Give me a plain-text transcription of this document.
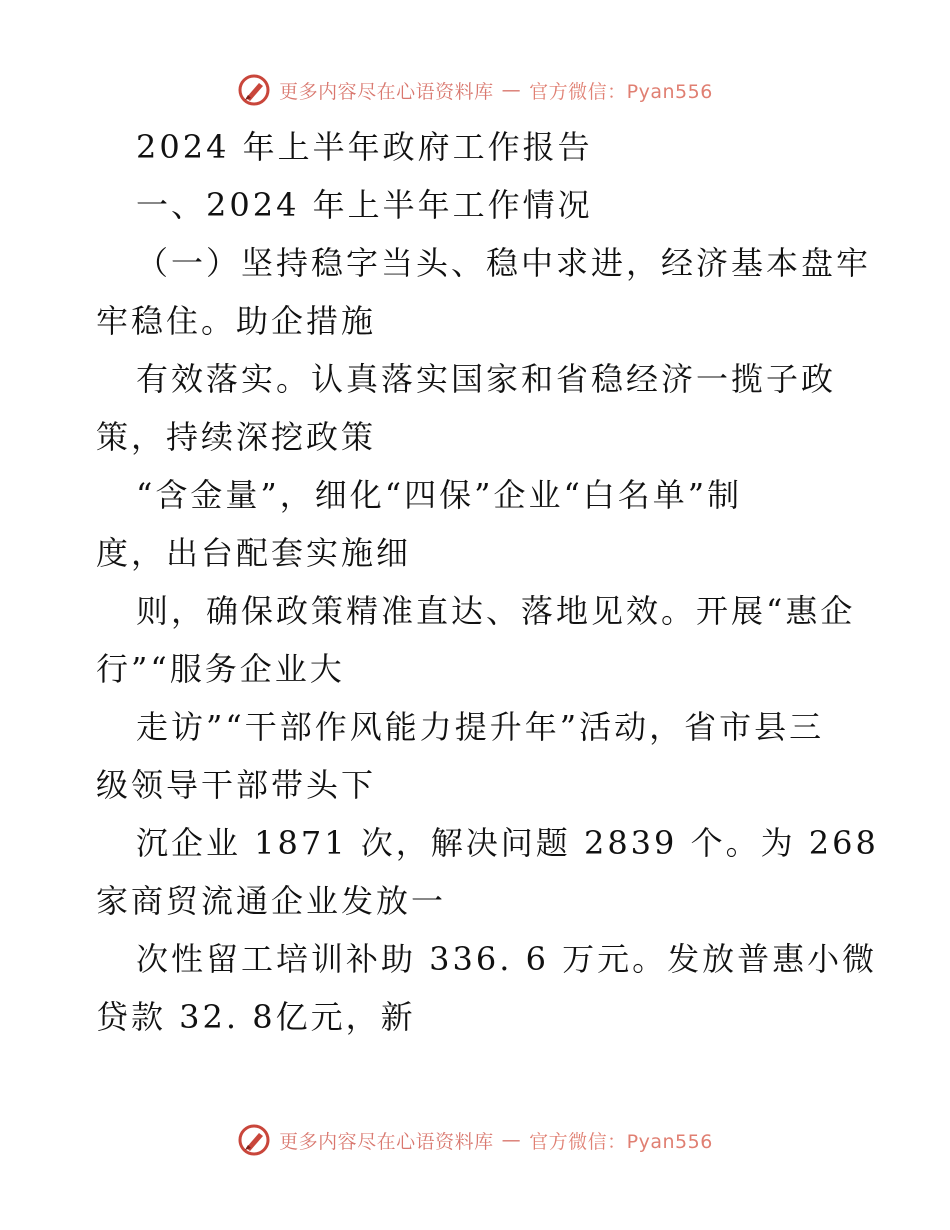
更多内容尽在心语资料库 — 官方微信：Pyan556
2024 年上半年政府工作报告
一、2024 年上半年工作情况
（一）坚持稳字当头、稳中求进，经济基本盘牢
牢稳住。助企措施
有效落实。认真落实国家和省稳经济一揽子政
策，持续深挖政策
“含金量”，细化“四保”企业“白名单”制
度，出台配套实施细
则，确保政策精准直达、落地见效。开展“惠企
行”“服务企业大
走访”“干部作风能力提升年”活动，省市县三
级领导干部带头下
沉企业 1871 次，解决问题 2839 个。为 268
家商贸流通企业发放一
次性留工培训补助 336. 6 万元。发放普惠小微
贷款 32. 8亿元，新
更多内容尽在心语资料库 — 官方微信：Pyan556
